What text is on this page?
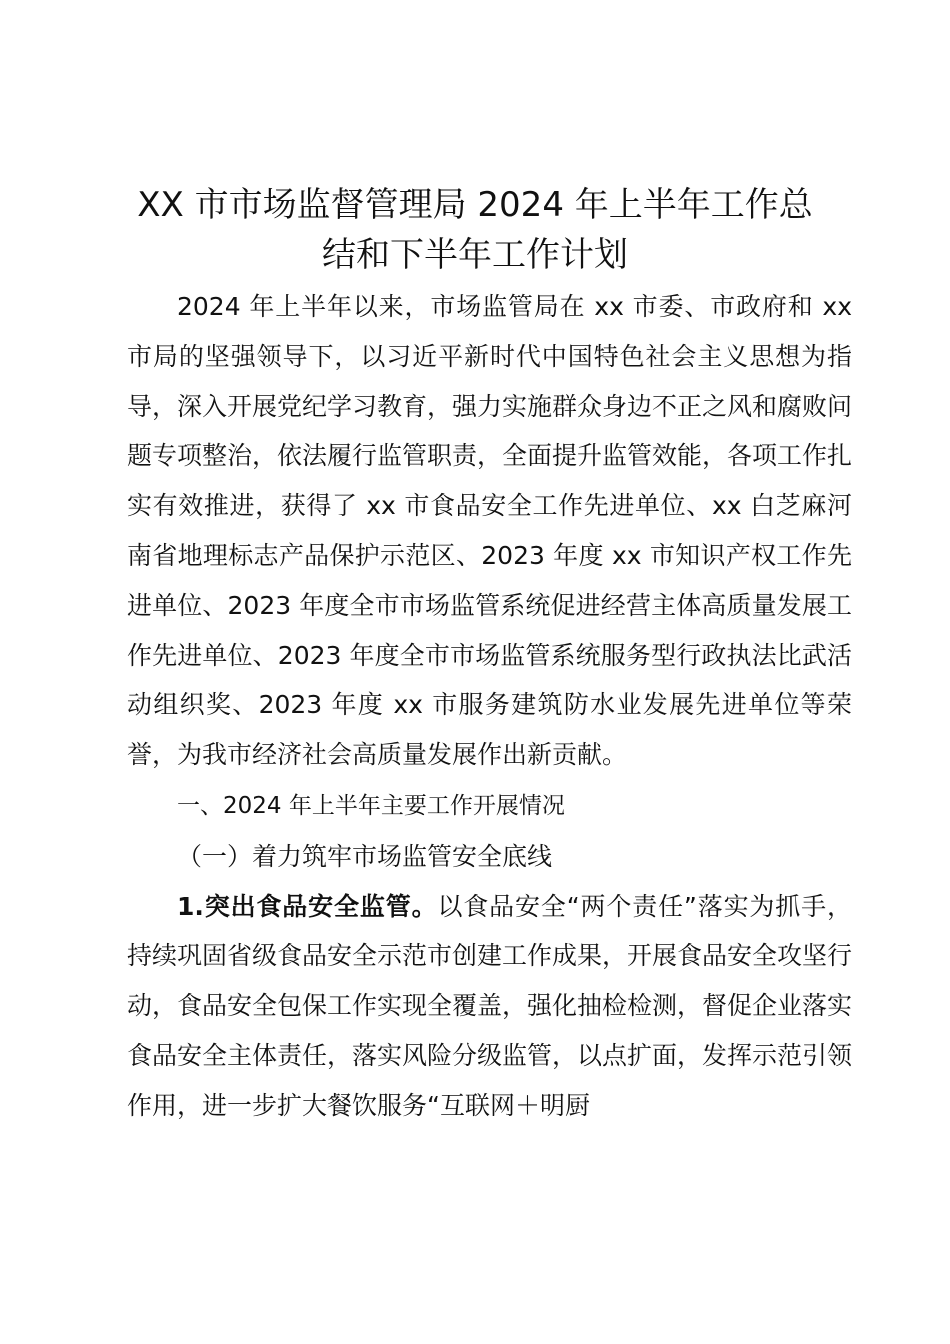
XX 市市场监督管理局 2024 年上半年工作总
结和下半年工作计划

2024 年上半年以来，市场监管局在 xx 市委、市政府和 xx 市局的坚强领导下，以习近平新时代中国特色社会主义思想为指导，深入开展党纪学习教育，强力实施群众身边不正之风和腐败问题专项整治，依法履行监管职责，全面提升监管效能，各项工作扎实有效推进，获得了 xx 市食品安全工作先进单位、xx 白芝麻河南省地理标志产品保护示范区、2023 年度 xx 市知识产权工作先进单位、2023 年度全市市场监管系统促进经营主体高质量发展工作先进单位、2023 年度全市市场监管系统服务型行政执法比武活动组织奖、2023 年度 xx 市服务建筑防水业发展先进单位等荣誉，为我市经济社会高质量发展作出新贡献。

一、2024 年上半年主要工作开展情况

（一）着力筑牢市场监管安全底线

1.突出食品安全监管。以食品安全“两个责任”落实为抓手，持续巩固省级食品安全示范市创建工作成果，开展食品安全攻坚行动，食品安全包保工作实现全覆盖，强化抽检检测，督促企业落实食品安全主体责任，落实风险分级监管，以点扩面，发挥示范引领作用，进一步扩大餐饮服务“互联网＋明厨
